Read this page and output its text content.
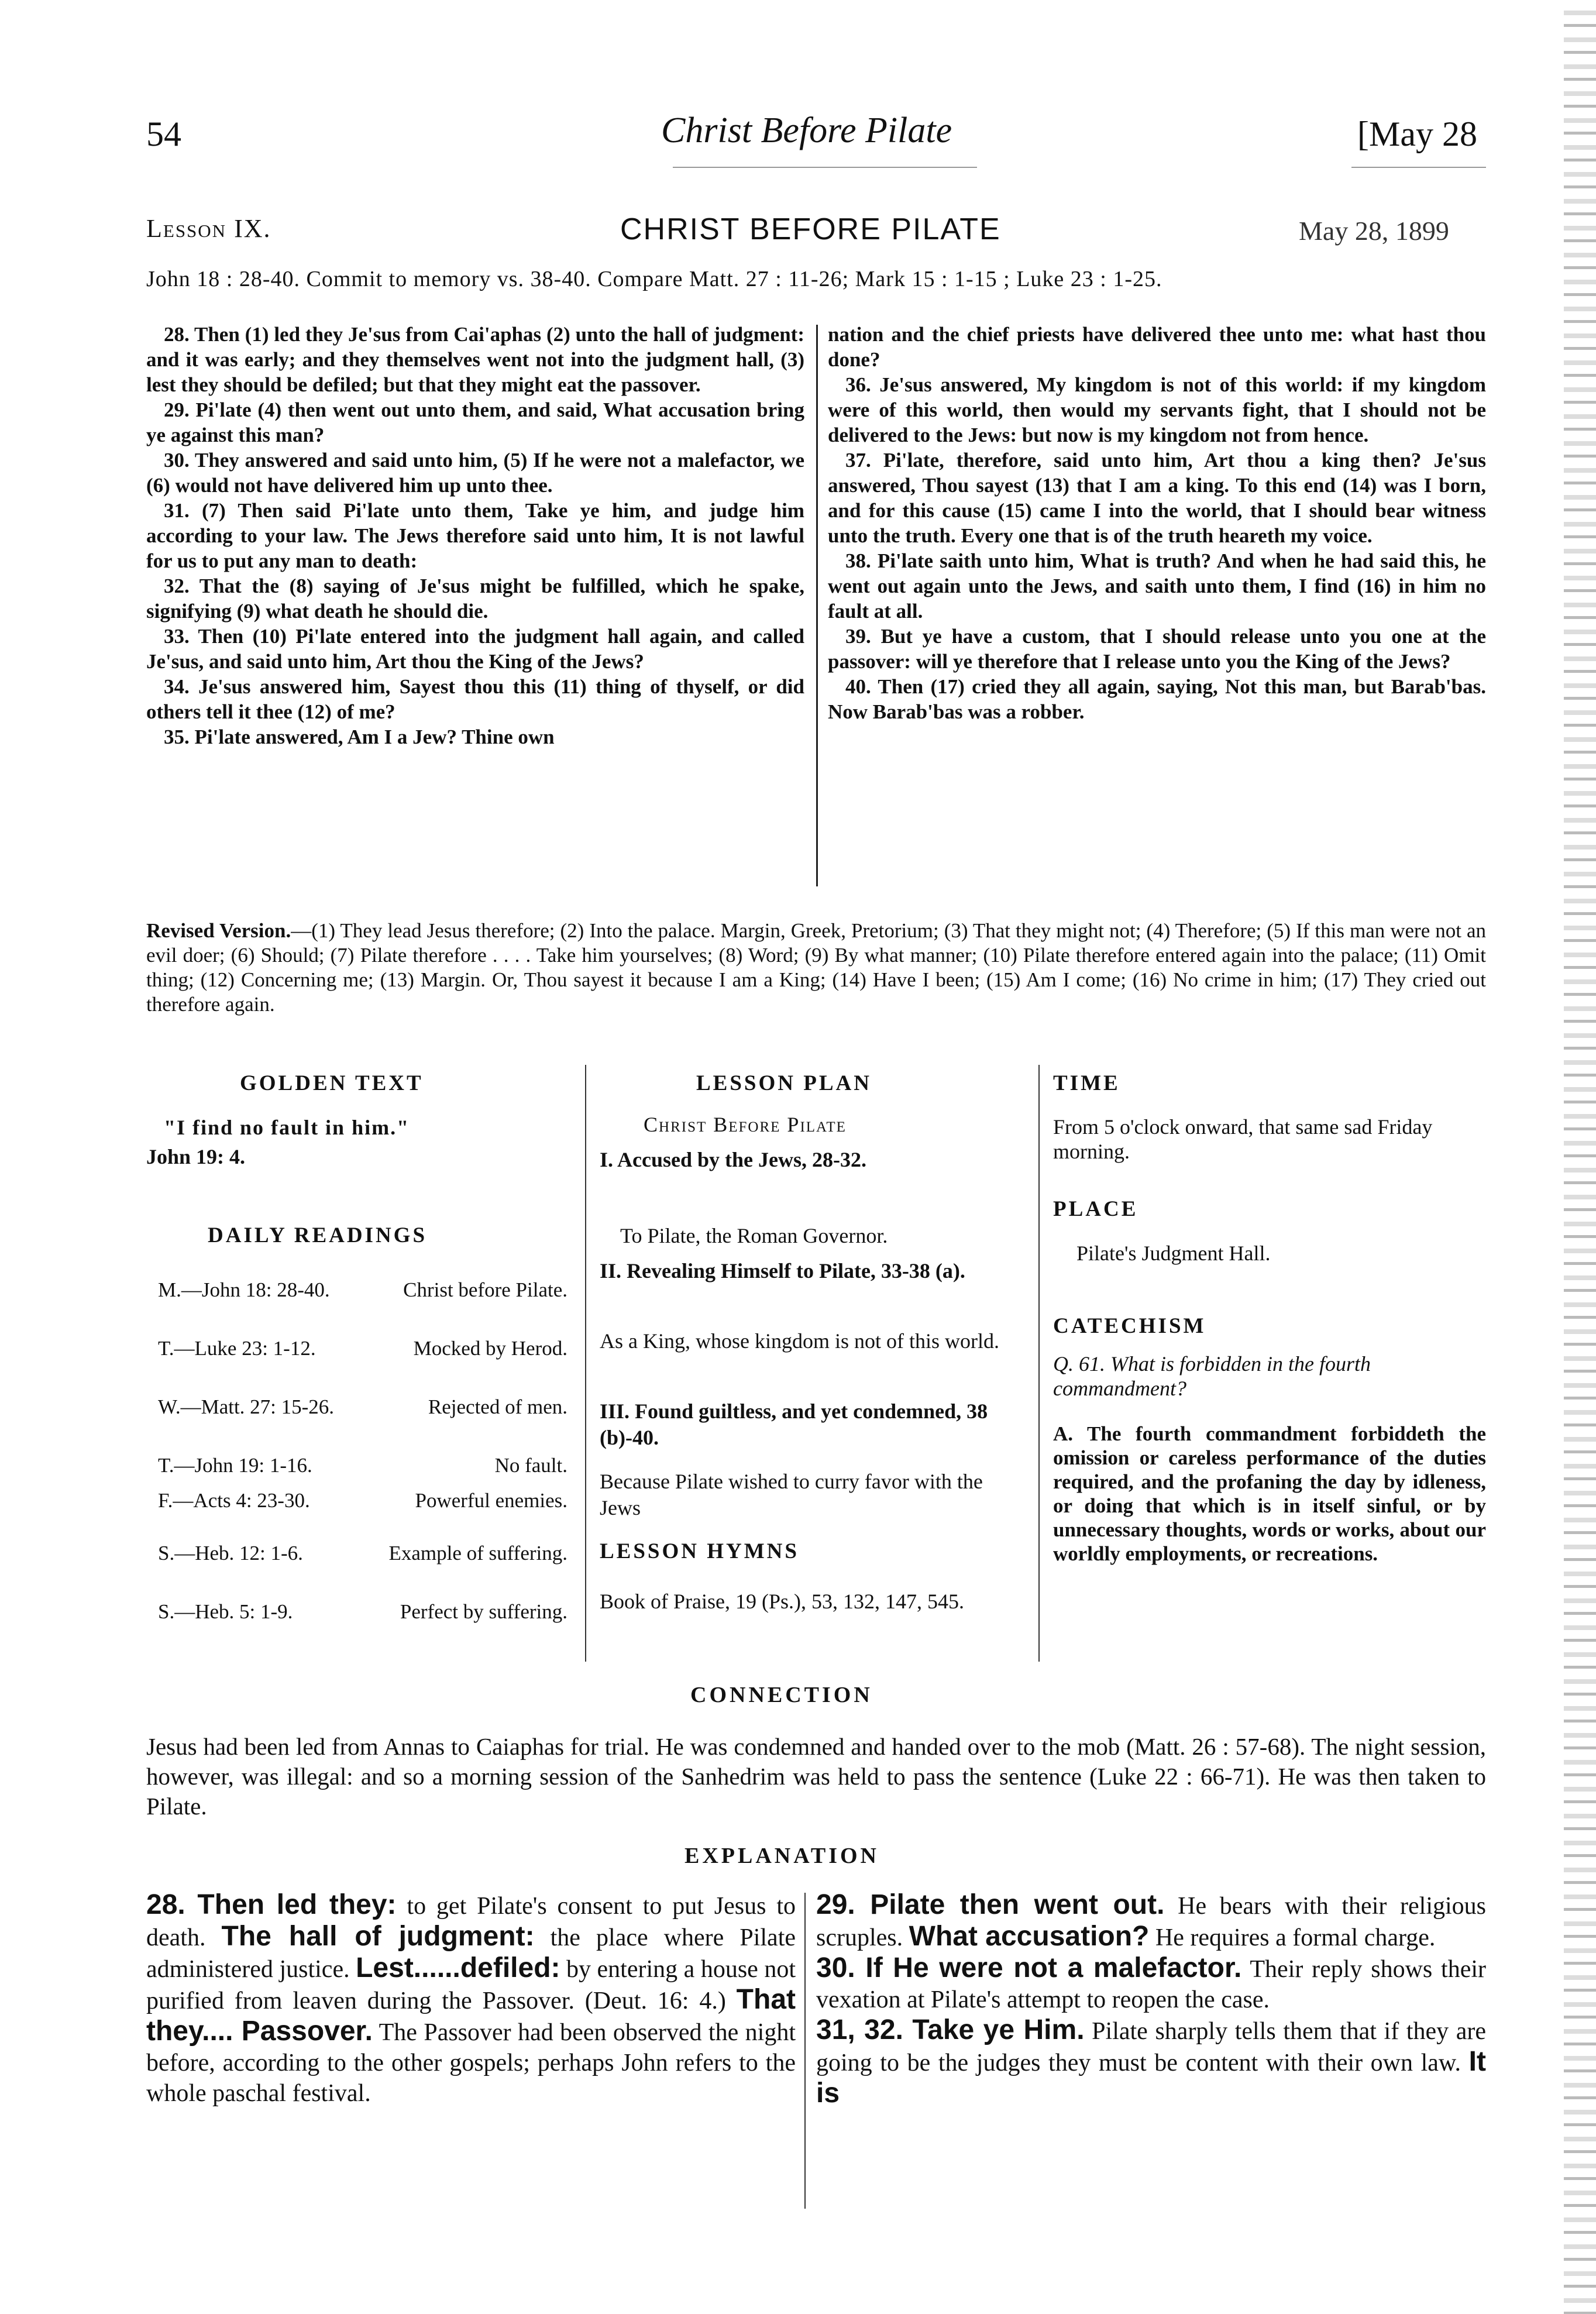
54	Christ Before Pilate	[May 28
Lesson IX.	CHRIST BEFORE PILATE	May 28, 1899
John 18 : 28-40. Commit to memory vs. 38-40. Compare Matt. 27 : 11-26; Mark 15 : 1-15 ; Luke 23 : 1-25.

28. Then (1) led they Je'sus from Cai'aphas (2) unto the hall of judgment: and it was early; and they themselves went not into the judgment hall, (3) lest they should be defiled; but that they might eat the passover.

29. Pi'late (4) then went out unto them, and said, What accusation bring ye against this man?

30. They answered and said unto him, (5) If he were not a malefactor, we (6) would not have delivered him up unto thee.

31. (7) Then said Pi'late unto them, Take ye him, and judge him according to your law. The Jews therefore said unto him, It is not lawful for us to put any man to death:

32. That the (8) saying of Je'sus might be fulfilled, which he spake, signifying (9) what death he should die.

33. Then (10) Pi'late entered into the judgment hall again, and called Je'sus, and said unto him, Art thou the King of the Jews?

34. Je'sus answered him, Sayest thou this (11) thing of thyself, or did others tell it thee (12) of me?

35. Pi'late answered, Am I a Jew? Thine own

nation and the chief priests have delivered thee unto me: what hast thou done?

36. Je'sus answered, My kingdom is not of this world: if my kingdom were of this world, then would my servants fight, that I should not be delivered to the Jews: but now is my kingdom not from hence.

37. Pi'late, therefore, said unto him, Art thou a king then? Je'sus answered, Thou sayest (13) that I am a king. To this end (14) was I born, and for this cause (15) came I into the world, that I should bear witness unto the truth. Every one that is of the truth heareth my voice.

38. Pi'late saith unto him, What is truth? And when he had said this, he went out again unto the Jews, and saith unto them, I find (16) in him no fault at all.

39. But ye have a custom, that I should release unto you one at the passover: will ye therefore that I release unto you the King of the Jews?

40. Then (17) cried they all again, saying, Not this man, but Barab'bas. Now Barab'bas was a robber.

Revised Version.—(1) They lead Jesus therefore; (2) Into the palace. Margin, Greek, Pretorium; (3) That they might not; (4) Therefore; (5) If this man were not an evil doer; (6) Should; (7) Pilate therefore . . . . Take him yourselves; (8) Word; (9) By what manner; (10) Pilate therefore entered again into the palace; (11) Omit thing; (12) Concerning me; (13) Margin. Or, Thou sayest it because I am a King; (14) Have I been; (15) Am I come; (16) No crime in him; (17) They cried out therefore again.
GOLDEN TEXT
"I find no fault in him."
John 19: 4.
DAILY READINGS
M.—John 18: 28-40.	Christ before Pilate.
T.—Luke 23: 1-12.	Mocked by Herod.
W.—Matt. 27: 15-26.	Rejected of men.
T.—John 19: 1-16.	No fault.
F.—Acts 4: 23-30.	Powerful enemies.
S.—Heb. 12: 1-6.	Example of suffering.
S.—Heb. 5: 1-9.	Perfect by suffering.
LESSON PLAN
Christ Before Pilate
I. Accused by the Jews, 28-32.
To Pilate, the Roman Governor.
II. Revealing Himself to Pilate, 33-38 (a).
As a King, whose kingdom is not of this world.
III. Found guiltless, and yet condemned, 38 (b)-40.
Because Pilate wished to curry favor with the Jews
LESSON HYMNS
Book of Praise, 19 (Ps.), 53, 132, 147, 545.
TIME
From 5 o'clock onward, that same sad Friday morning.
PLACE
Pilate's Judgment Hall.
CATECHISM
Q. 61. What is forbidden in the fourth commandment?
A. The fourth commandment forbiddeth the omission or careless performance of the duties required, and the profaning the day by idleness, or doing that which is in itself sinful, or by unnecessary thoughts, words or works, about our worldly employments, or recreations.
CONNECTION
Jesus had been led from Annas to Caiaphas for trial. He was condemned and handed over to the mob (Matt. 26 : 57-68). The night session, however, was illegal: and so a morning session of the Sanhedrim was held to pass the sentence (Luke 22 : 66-71). He was then taken to Pilate.
EXPLANATION

28. Then led they: to get Pilate's consent to put Jesus to death. The hall of judgment: the place where Pilate administered justice. Lest......defiled: by entering a house not purified from leaven during the Passover. (Deut. 16: 4.) That they.... Passover. The Passover had been observed the night before, according to the other gospels; perhaps John refers to the whole paschal festival.

29. Pilate then went out. He bears with their religious scruples. What accusation? He requires a formal charge.

30. If He were not a malefactor. Their reply shows their vexation at Pilate's attempt to reopen the case.

31, 32. Take ye Him. Pilate sharply tells them that if they are going to be the judges they must be content with their own law. It is
